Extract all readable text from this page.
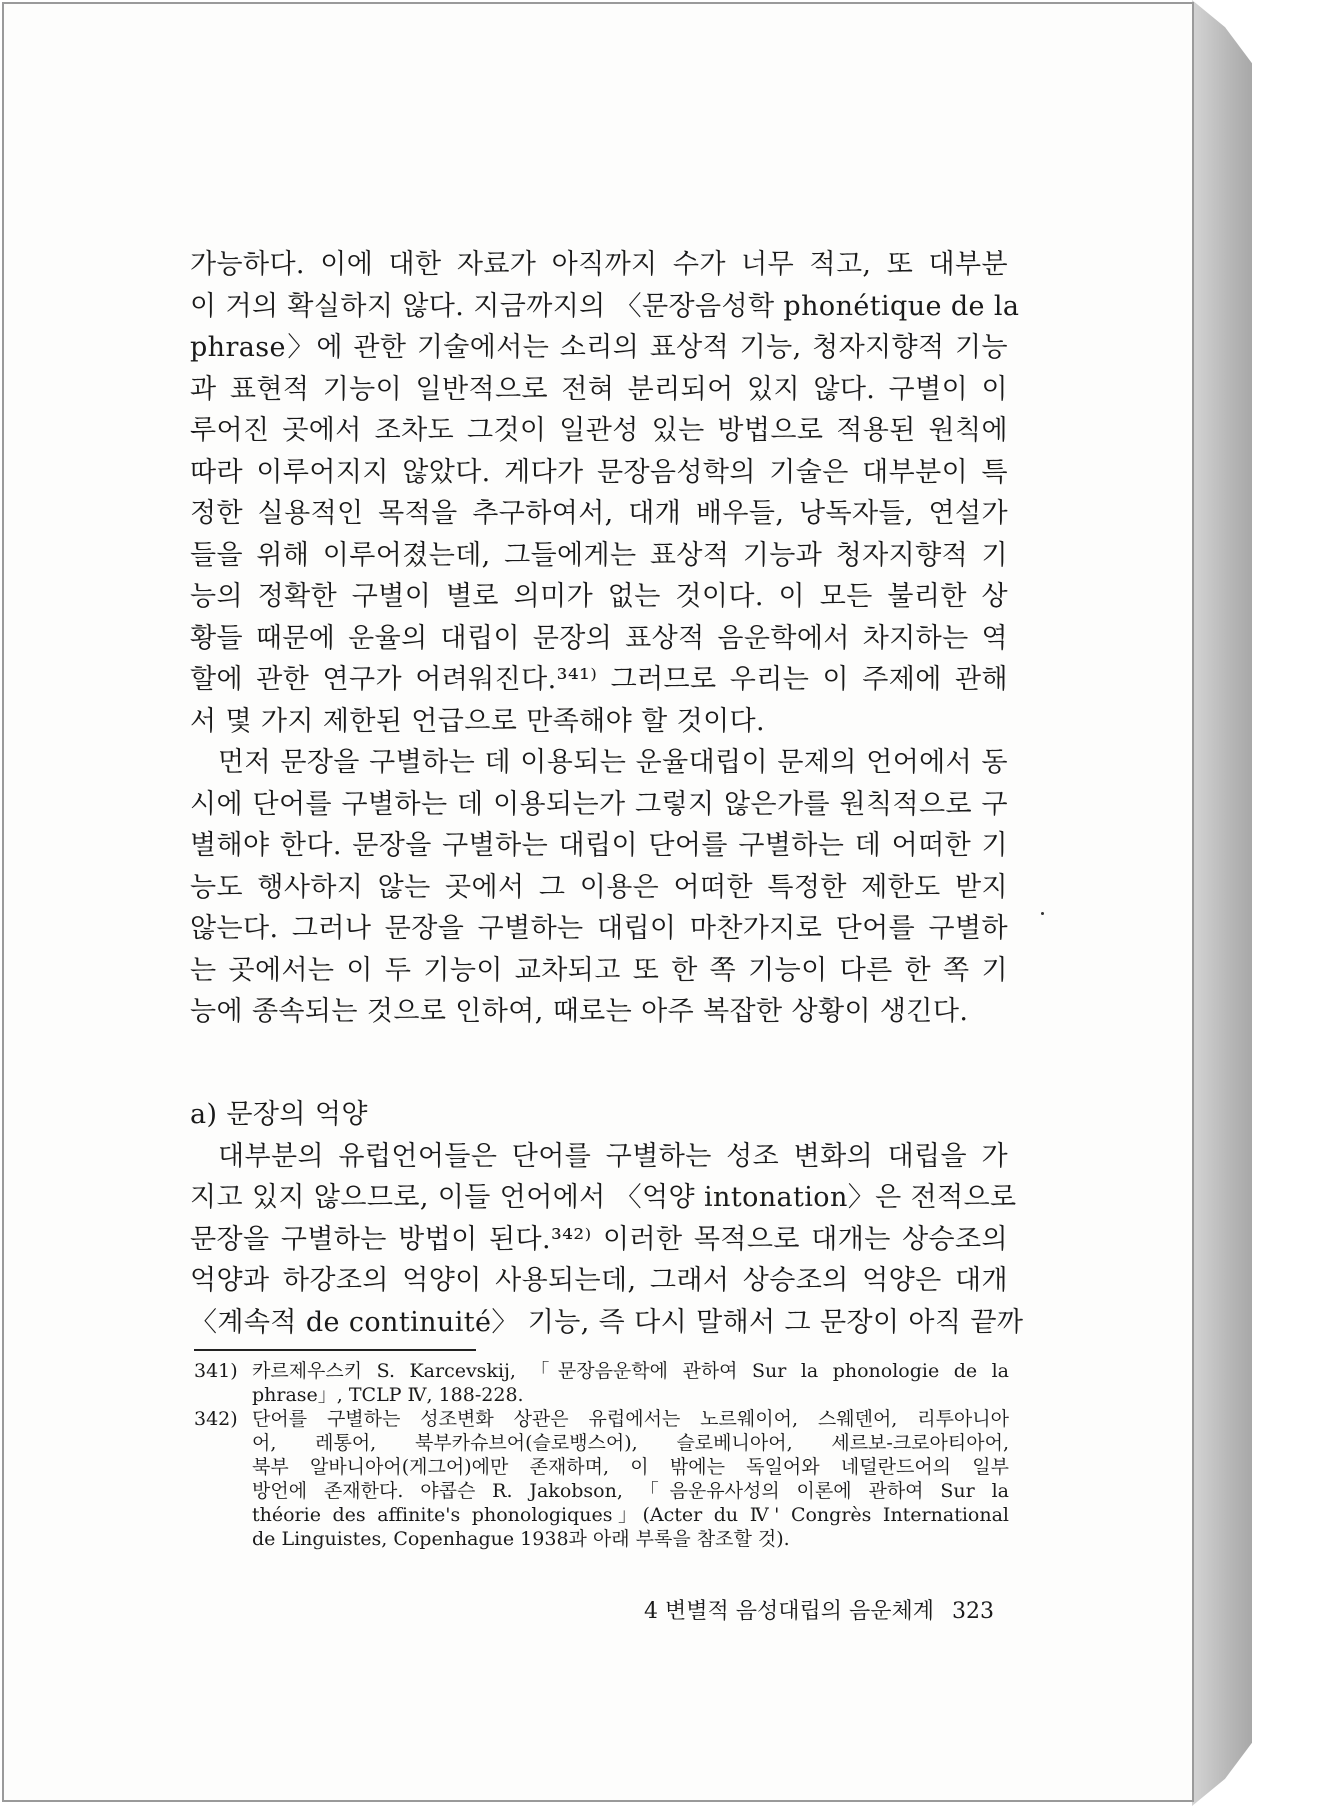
가능하다. 이에 대한 자료가 아직까지 수가 너무 적고, 또 대부분
이 거의 확실하지 않다. 지금까지의 〈문장음성학 phonétique de la
phrase〉에 관한 기술에서는 소리의 표상적 기능, 청자지향적 기능
과 표현적 기능이 일반적으로 전혀 분리되어 있지 않다. 구별이 이
루어진 곳에서 조차도 그것이 일관성 있는 방법으로 적용된 원칙에
따라 이루어지지 않았다. 게다가 문장음성학의 기술은 대부분이 특
정한 실용적인 목적을 추구하여서, 대개 배우들, 낭독자들, 연설가
들을 위해 이루어졌는데, 그들에게는 표상적 기능과 청자지향적 기
능의 정확한 구별이 별로 의미가 없는 것이다. 이 모든 불리한 상
황들 때문에 운율의 대립이 문장의 표상적 음운학에서 차지하는 역
할에 관한 연구가 어려워진다.³⁴¹⁾ 그러므로 우리는 이 주제에 관해
서 몇 가지 제한된 언급으로 만족해야 할 것이다.
먼저 문장을 구별하는 데 이용되는 운율대립이 문제의 언어에서 동
시에 단어를 구별하는 데 이용되는가 그렇지 않은가를 원칙적으로 구
별해야 한다. 문장을 구별하는 대립이 단어를 구별하는 데 어떠한 기
능도 행사하지 않는 곳에서 그 이용은 어떠한 특정한 제한도 받지
않는다. 그러나 문장을 구별하는 대립이 마찬가지로 단어를 구별하
는 곳에서는 이 두 기능이 교차되고 또 한 쪽 기능이 다른 한 쪽 기
능에 종속되는 것으로 인하여, 때로는 아주 복잡한 상황이 생긴다.
a) 문장의 억양
대부분의 유럽언어들은 단어를 구별하는 성조 변화의 대립을 가
지고 있지 않으므로, 이들 언어에서 〈억양 intonation〉은 전적으로
문장을 구별하는 방법이 된다.³⁴²⁾ 이러한 목적으로 대개는 상승조의
억양과 하강조의 억양이 사용되는데, 그래서 상승조의 억양은 대개
〈계속적 de continuité〉 기능, 즉 다시 말해서 그 문장이 아직 끝까
341) 카르제우스키 S. Karcevskij, 「문장음운학에 관하여 Sur la phonologie de la
phrase」, TCLP Ⅳ, 188-228.
342) 단어를 구별하는 성조변화 상관은 유럽에서는 노르웨이어, 스웨덴어, 리투아니아
어, 레통어, 북부카슈브어(슬로뱅스어), 슬로베니아어, 세르보-크로아티아어,
북부 알바니아어(게그어)에만 존재하며, 이 밖에는 독일어와 네덜란드어의 일부
방언에 존재한다. 야콥슨 R. Jakobson, 「음운유사성의 이론에 관하여 Sur la
théorie des affinite's phonologiques」(Acter du Ⅳ' Congrès International
de Linguistes, Copenhague 1938과 아래 부록을 참조할 것).
4 변별적 음성대립의 음운체계 323
